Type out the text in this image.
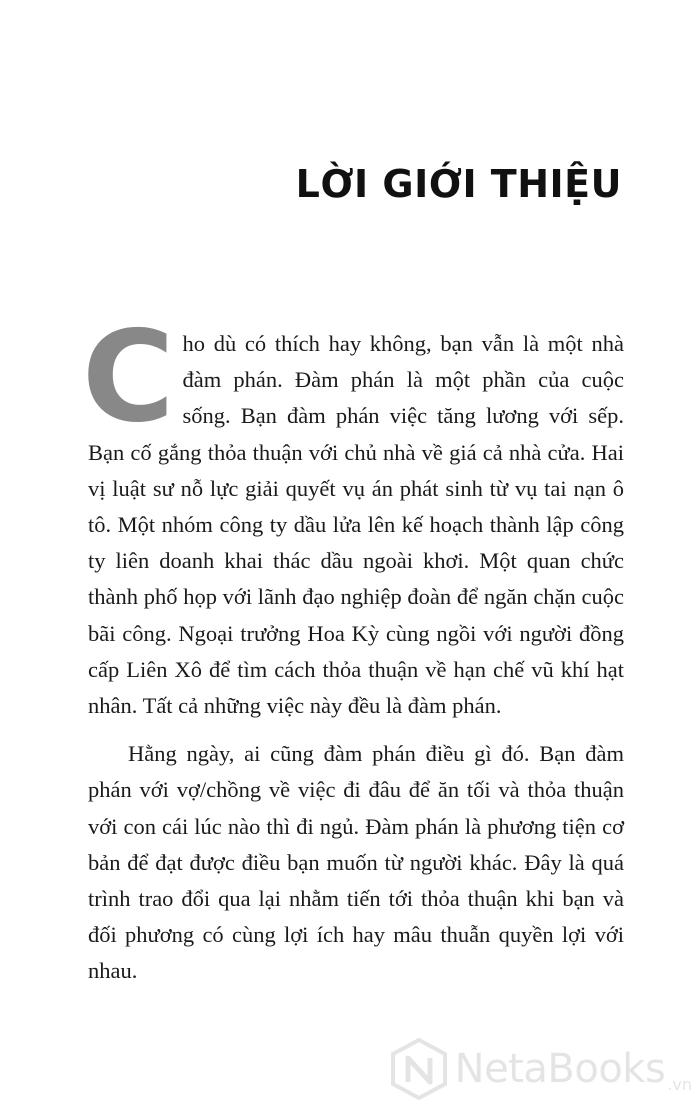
LỜI GIỚI THIỆU

Cho dù có thích hay không, bạn vẫn là một nhà đàm phán. Đàm phán là một phần của cuộc sống. Bạn đàm phán việc tăng lương với sếp. Bạn cố gắng thỏa thuận với chủ nhà về giá cả nhà cửa. Hai vị luật sư nỗ lực giải quyết vụ án phát sinh từ vụ tai nạn ô tô. Một nhóm công ty dầu lửa lên kế hoạch thành lập công ty liên doanh khai thác dầu ngoài khơi. Một quan chức thành phố họp với lãnh đạo nghiệp đoàn để ngăn chặn cuộc bãi công. Ngoại trưởng Hoa Kỳ cùng ngồi với người đồng cấp Liên Xô để tìm cách thỏa thuận về hạn chế vũ khí hạt nhân. Tất cả những việc này đều là đàm phán.

Hằng ngày, ai cũng đàm phán điều gì đó. Bạn đàm phán với vợ/chồng về việc đi đâu để ăn tối và thỏa thuận với con cái lúc nào thì đi ngủ. Đàm phán là phương tiện cơ bản để đạt được điều bạn muốn từ người khác. Đây là quá trình trao đổi qua lại nhằm tiến tới thỏa thuận khi bạn và đối phương có cùng lợi ích hay mâu thuẫn quyền lợi với nhau.

NetaBooks .vn
